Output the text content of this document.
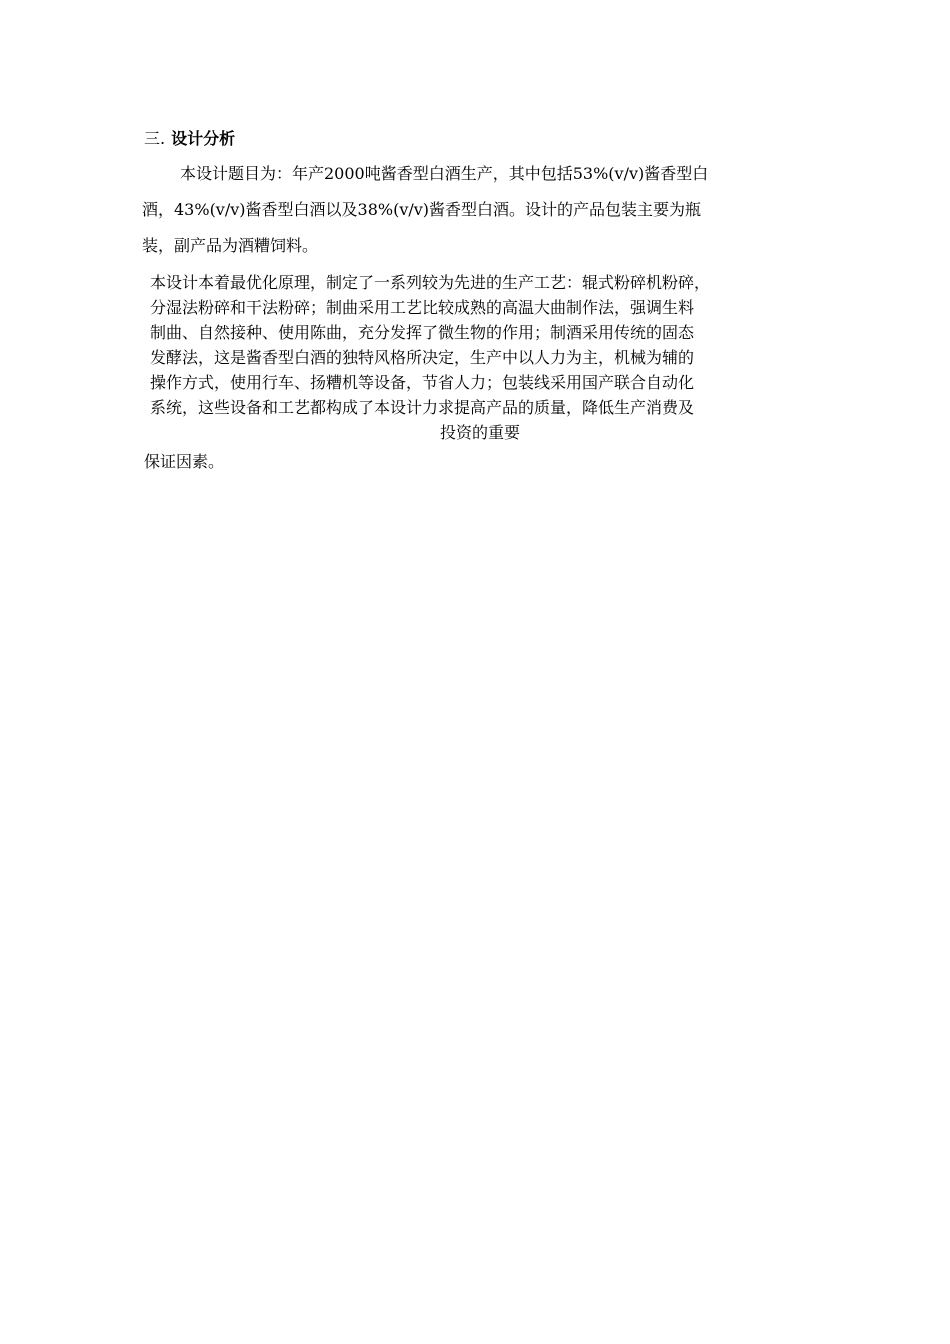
三. 设计分析
本设计题目为：年产2000吨酱香型白酒生产，其中包括53%(v/v)酱香型白
酒，43%(v/v)酱香型白酒以及38%(v/v)酱香型白酒。设计的产品包装主要为瓶
装，副产品为酒糟饲料。
本设计本着最优化原理，制定了一系列较为先进的生产工艺：辊式粉碎机粉碎，
分湿法粉碎和干法粉碎；制曲采用工艺比较成熟的高温大曲制作法，强调生料
制曲、自然接种、使用陈曲，充分发挥了微生物的作用；制酒采用传统的固态
发酵法，这是酱香型白酒的独特风格所决定，生产中以人力为主，机械为辅的
操作方式，使用行车、扬糟机等设备，节省人力；包装线采用国产联合自动化
系统，这些设备和工艺都构成了本设计力求提高产品的质量，降低生产消费及
投资的重要
保证因素。
